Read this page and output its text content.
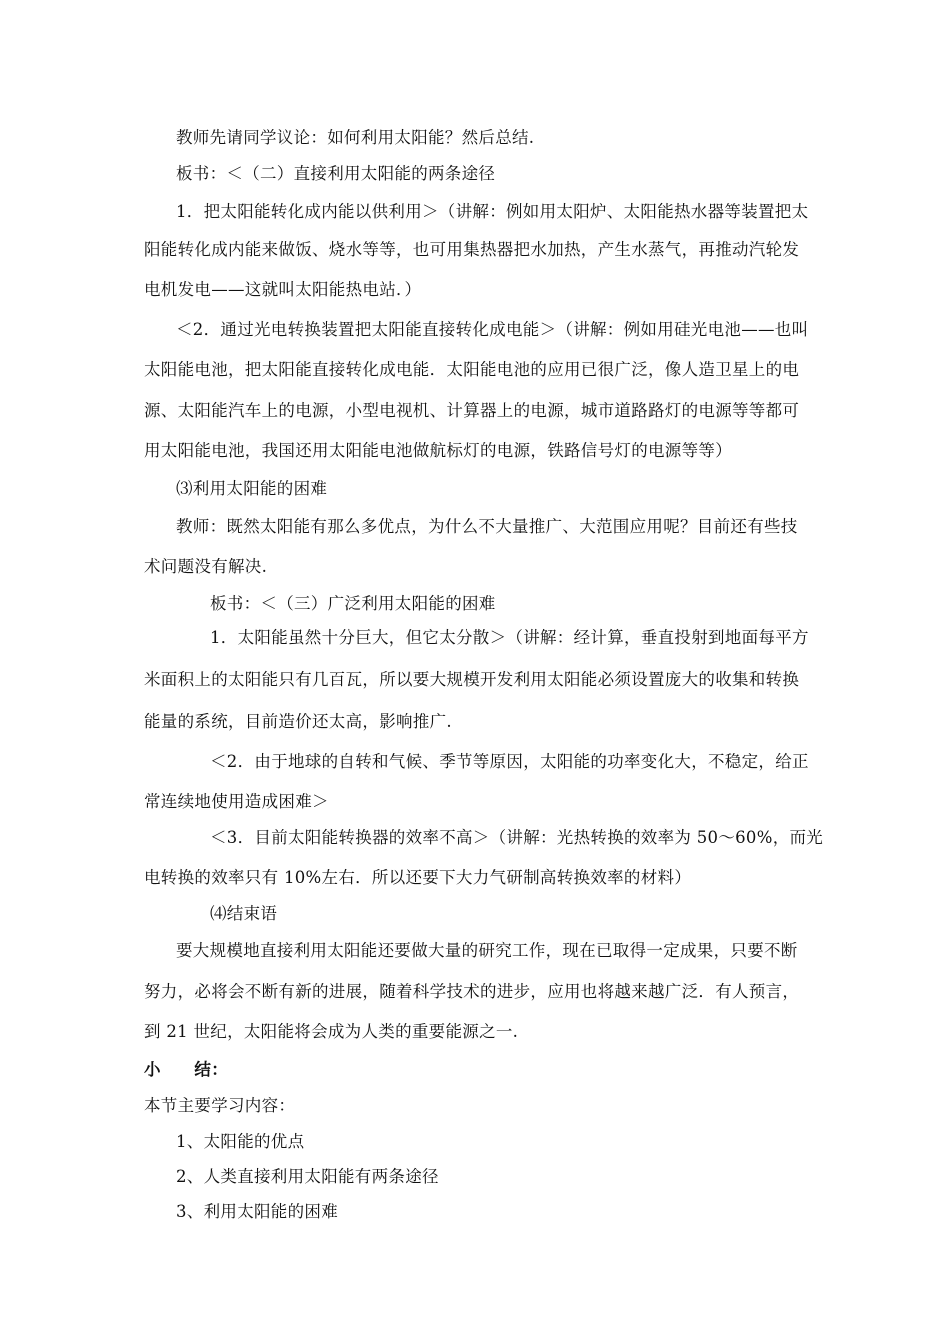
教师先请同学议论：如何利用太阳能？然后总结.
板书：＜（二）直接利用太阳能的两条途径
1．把太阳能转化成内能以供利用＞（讲解：例如用太阳炉、太阳能热水器等装置把太
阳能转化成内能来做饭、烧水等等，也可用集热器把水加热，产生水蒸气，再推动汽轮发
电机发电——这就叫太阳能热电站．）
＜2．通过光电转换装置把太阳能直接转化成电能＞（讲解：例如用硅光电池——也叫
太阳能电池，把太阳能直接转化成电能．太阳能电池的应用已很广泛，像人造卫星上的电
源、太阳能汽车上的电源，小型电视机、计算器上的电源，城市道路路灯的电源等等都可
用太阳能电池，我国还用太阳能电池做航标灯的电源，铁路信号灯的电源等等）
⑶利用太阳能的困难
教师：既然太阳能有那么多优点，为什么不大量推广、大范围应用呢？目前还有些技
术问题没有解决.
板书：＜（三）广泛利用太阳能的困难
1．太阳能虽然十分巨大，但它太分散＞（讲解：经计算，垂直投射到地面每平方
米面积上的太阳能只有几百瓦，所以要大规模开发利用太阳能必须设置庞大的收集和转换
能量的系统，目前造价还太高，影响推广.
＜2．由于地球的自转和气候、季节等原因，太阳能的功率变化大，不稳定，给正
常连续地使用造成困难＞
＜3．目前太阳能转换器的效率不高＞（讲解：光热转换的效率为 50～60%，而光
电转换的效率只有 10%左右．所以还要下大力气研制高转换效率的材料）
⑷结束语
要大规模地直接利用太阳能还要做大量的研究工作，现在已取得一定成果，只要不断
努力，必将会不断有新的进展，随着科学技术的进步，应用也将越来越广泛．有人预言，
到 21 世纪，太阳能将会成为人类的重要能源之一.
小　　结：
本节主要学习内容：
1、太阳能的优点
2、人类直接利用太阳能有两条途径
3、利用太阳能的困难
